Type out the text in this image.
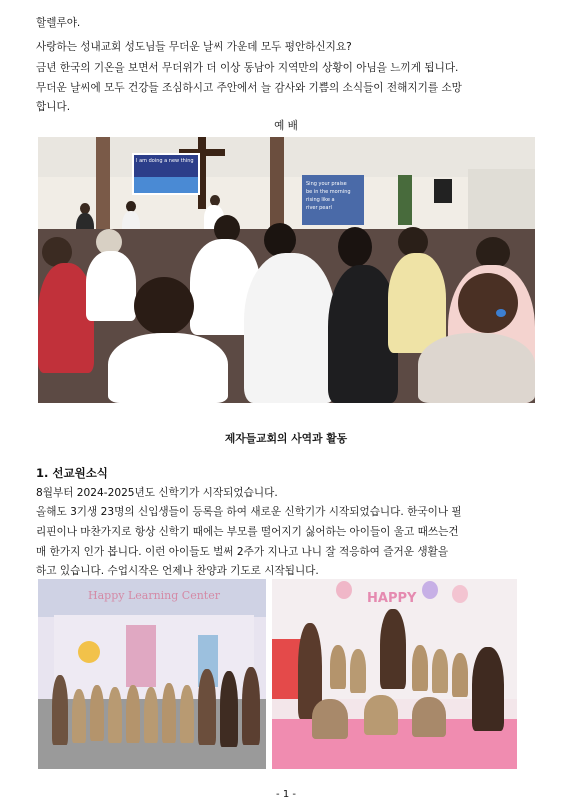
할렐루야.

사랑하는 성내교회 성도님들 무더운 날씨 가운데 모두 평안하신지요?

금년 한국의 기온을 보면서 무더위가 더 이상 동남아 지역만의 상황이 아님을 느끼게 됩니다.

무더운 날씨에 모두 건강들 조심하시고 주안에서 늘 감사와 기쁨의 소식들이 전해지기를 소망

합니다.

예 배
I am doing a new thing
Sing your praise
be in the morning
rising like a
river pearl
제자들교회의 사역과 활동
1. 선교원소식

8월부터 2024-2025년도 신학기가 시작되었습니다.

올해도 3기생 23명의 신입생들이 등록을 하여 새로운 신학기가 시작되었습니다. 한국이나 필

리핀이나 마찬가지로 항상 신학기 때에는 부모를 떨어지기 싫어하는 아이들이 울고 때쓰는건

매 한가지 인가 봅니다. 이런 아이들도 벌써 2주가 지나고 나니 잘 적응하여 즐거운 생활을

하고 있습니다. 수업시작은 언제나 찬양과 기도로 시작됩니다.

Happy Learning Center	HAPPY
- 1 -
